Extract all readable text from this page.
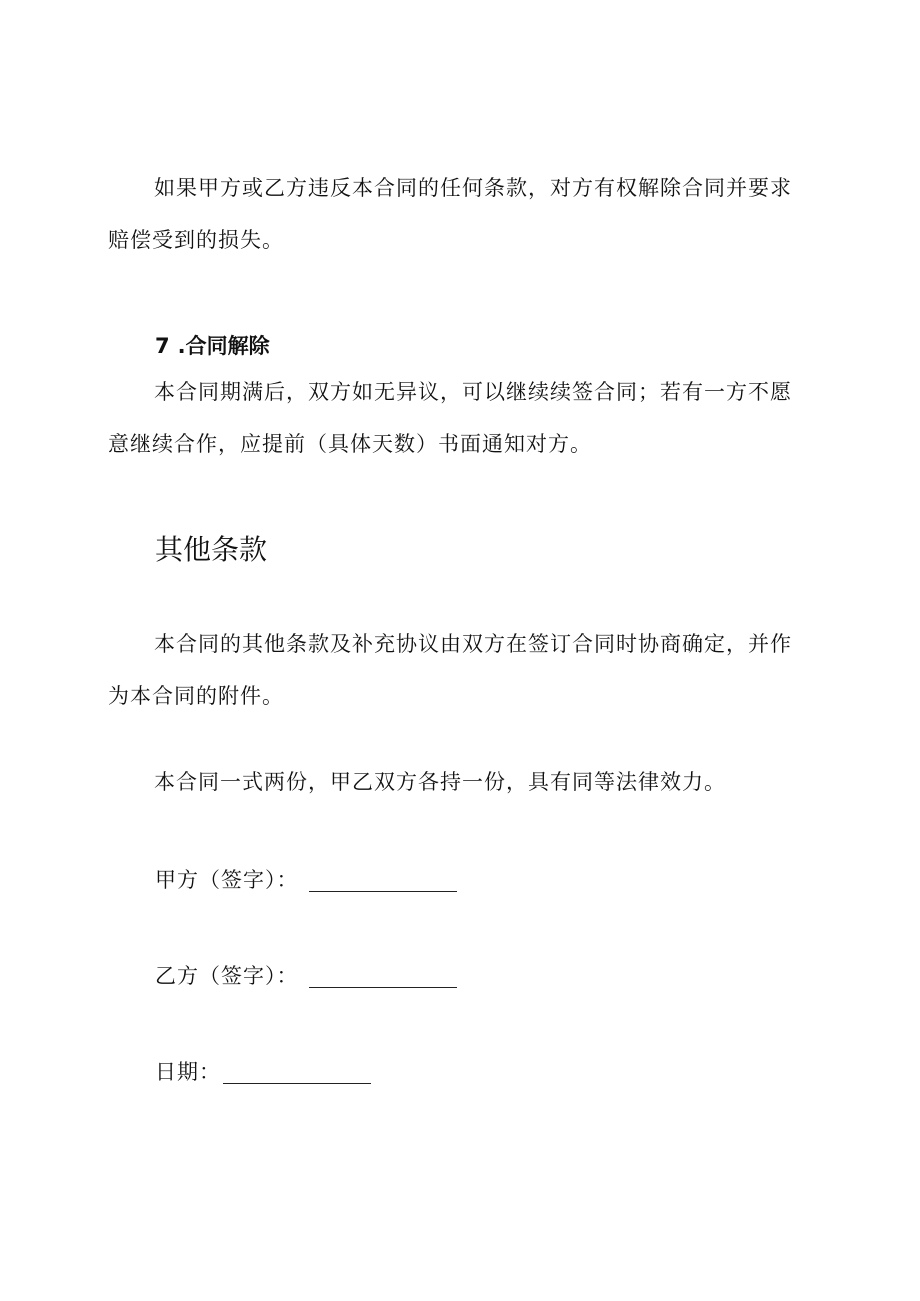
如果甲方或乙方违反本合同的任何条款，对方有权解除合同并要求赔偿受到的损失。

7 .合同解除

本合同期满后，双方如无异议，可以继续续签合同；若有一方不愿意继续合作，应提前（具体天数）书面通知对方。

其他条款

本合同的其他条款及补充协议由双方在签订合同时协商确定，并作为本合同的附件。

本合同一式两份，甲乙双方各持一份，具有同等法律效力。

甲方（签字）：
乙方（签字）：
日期：
